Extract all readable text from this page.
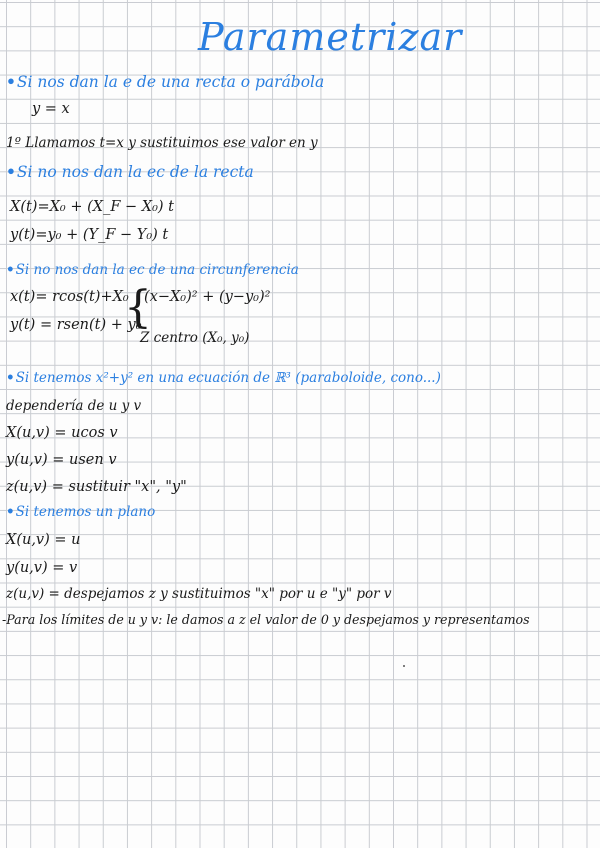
Parametrizar
•Si nos dan la e de una recta o parábola
y = x
1º Llamamos t=x y sustituimos ese valor en y
•Si no nos dan la ec de la recta
X(t)=X₀ + (X_F − X₀) t
y(t)=y₀ + (Y_F − Y₀) t
•Si no nos dan la ec de una circunferencia
x(t)= rcos(t)+X₀
y(t) = rsen(t) + y₀
{
(x−X₀)² + (y−y₀)²
Z centro (X₀, y₀)
•Si tenemos x²+y² en una ecuación de ℝ³ (paraboloide, cono...)
dependería de u y v
X(u,v) = ucos v
y(u,v) = usen v
z(u,v) = sustituir "x", "y"
•Si tenemos un plano
X(u,v) = u
y(u,v) = v
z(u,v) = despejamos z y sustituimos "x" por u e "y" por v
-Para los límites de u y v: le damos a z el valor de 0 y despejamos y representamos
